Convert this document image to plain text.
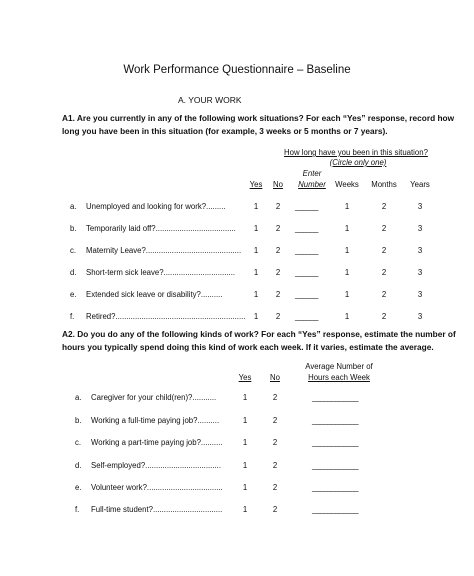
Work Performance Questionnaire – Baseline
A. YOUR WORK
A1. Are you currently in any of the following work situations? For each “Yes” response, record how
long you have been in this situation (for example, 3 weeks or 5 months or 7 years).
How long have you been in this situation?
(Circle only one)
Enter
Number
Yes	No	Weeks	Months	Years
a. Unemployed and looking for work?.........	1	2	______	1	2	3
b. Temporarily laid off?.....................................	1	2	______	1	2	3
c. Maternity Leave?............................................	1	2	______	1	2	3
d. Short-term sick leave?.................................	1	2	______	1	2	3
e. Extended sick leave or disability?..........	1	2	______	1	2	3
f. Retired?............................................................	1	2	______	1	2	3
A2. Do you do any of the following kinds of work? For each “Yes” response, estimate the number of
hours you typically spend doing this kind of work each week. If it varies, estimate the average.
Average Number of
Hours each Week
Yes	No
a. Caregiver for your child(ren)?...........	1	2	____________
b. Working a full-time paying job?..........	1	2	____________
c. Working a part-time paying job?..........	1	2	____________
d. Self-employed?...................................	1	2	____________
e. Volunteer work?...................................	1	2	____________
f. Full-time student?................................	1	2	____________
